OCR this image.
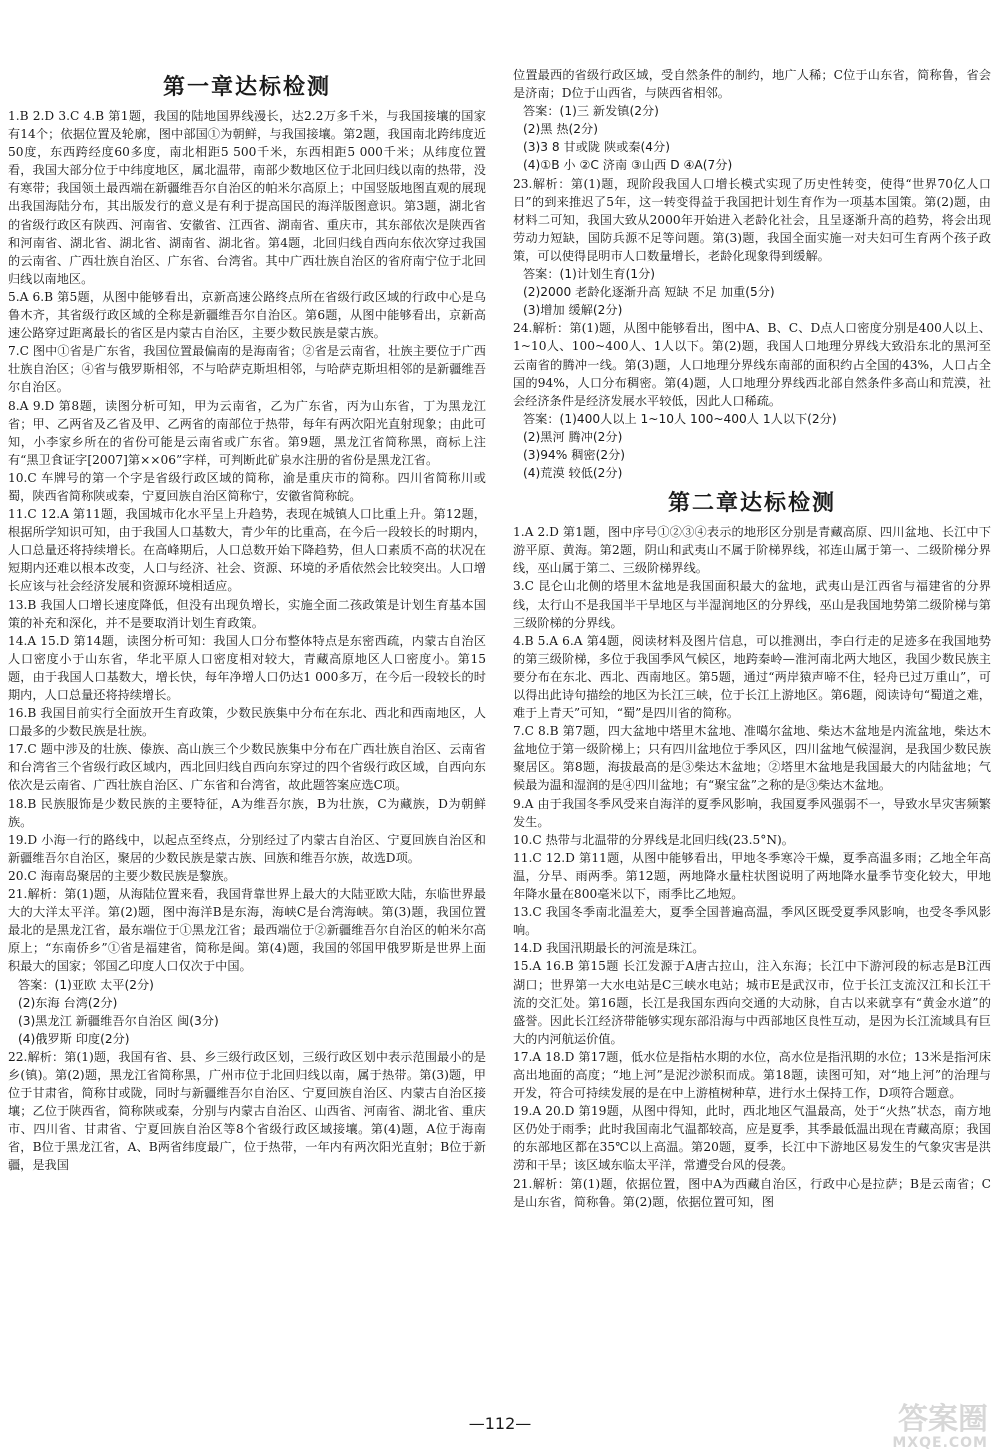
第一章达标检测

1.B 2.D 3.C 4.B 第1题，我国的陆地国界线漫长，达2.2万多千米，与我国接壤的国家有14个；依据位置及轮廓，图中部国①为朝鲜，与我国接壤。第2题，我国南北跨纬度近50度，东西跨经度60多度，南北相距5 500千米，东西相距5 000千米；从纬度位置看，我国大部分位于中纬度地区，属北温带，南部少数地区位于北回归线以南的热带，没有寒带；我国领土最西端在新疆维吾尔自治区的帕米尔高原上；中国竖版地图直观的展现出我国海陆分布，其出版发行的意义是有利于提高国民的海洋版图意识。第3题，湖北省的省级行政区有陕西、河南省、安徽省、江西省、湖南省、重庆市，其东部依次是陕西省和河南省、湖北省、湖北省、湖南省、湖北省。第4题，北回归线自西向东依次穿过我国的云南省、广西壮族自治区、广东省、台湾省。其中广西壮族自治区的省府南宁位于北回归线以南地区。

5.A 6.B 第5题，从图中能够看出，京新高速公路终点所在省级行政区域的行政中心是乌鲁木齐，其省级行政区域的全称是新疆维吾尔自治区。第6题，从图中能够看出，京新高速公路穿过距离最长的省区是内蒙古自治区，主要少数民族是蒙古族。

7.C 图中①省是广东省，我国位置最偏南的是海南省；②省是云南省，壮族主要位于广西壮族自治区；④省与俄罗斯相邻，不与哈萨克斯坦相邻，与哈萨克斯坦相邻的是新疆维吾尔自治区。

8.A 9.D 第8题，读图分析可知，甲为云南省，乙为广东省，丙为山东省，丁为黑龙江省；甲、乙两省及乙省及甲、乙两省的南部位于热带，每年有两次阳光直射现象；由此可知，小李家乡所在的省份可能是云南省或广东省。第9题，黑龙江省简称黑，商标上注有“黑卫食证字[2007]第××06”字样，可判断此矿泉水注册的省份是黑龙江省。

10.C 车牌号的第一个字是省级行政区域的简称，渝是重庆市的简称。四川省简称川或蜀，陕西省简称陕或秦，宁夏回族自治区简称宁，安徽省简称皖。

11.C 12.A 第11题，我国城市化水平呈上升趋势，表现在城镇人口比重上升。第12题，根据所学知识可知，由于我国人口基数大，青少年的比重高，在今后一段较长的时期内，人口总量还将持续增长。在高峰期后，人口总数开始下降趋势，但人口素质不高的状况在短期内还难以根本改变，人口与经济、社会、资源、环境的矛盾依然会比较突出。人口增长应该与社会经济发展和资源环境相适应。

13.B 我国人口增长速度降低，但没有出现负增长，实施全面二孩政策是计划生育基本国策的补充和深化，并不是要取消计划生育政策。

14.A 15.D 第14题，读图分析可知：我国人口分布整体特点是东密西疏，内蒙古自治区人口密度小于山东省，华北平原人口密度相对较大，青藏高原地区人口密度小。第15题，由于我国人口基数大，增长快，每年净增人口仍达1 000多万，在今后一段较长的时期内，人口总量还将持续增长。

16.B 我国目前实行全面放开生育政策，少数民族集中分布在东北、西北和西南地区，人口最多的少数民族是壮族。

17.C 题中涉及的壮族、傣族、高山族三个少数民族集中分布在广西壮族自治区、云南省和台湾省三个省级行政区域内，西北回归线自西向东穿过的四个省级行政区域，自西向东依次是云南省、广西壮族自治区、广东省和台湾省，故此题答案应选C项。

18.B 民族服饰是少数民族的主要特征，A为维吾尔族，B为壮族，C为藏族，D为朝鲜族。

19.D 小海一行的路线中，以起点至终点，分别经过了内蒙古自治区、宁夏回族自治区和新疆维吾尔自治区，聚居的少数民族是蒙古族、回族和维吾尔族，故选D项。

20.C 海南岛聚居的主要少数民族是黎族。

21.解析：第(1)题，从海陆位置来看，我国背靠世界上最大的大陆亚欧大陆，东临世界最大的大洋太平洋。第(2)题，图中海洋B是东海，海峡C是台湾海峡。第(3)题，我国位置最北的是黑龙江省，最东端位于①黑龙江省；最西端位于②新疆维吾尔自治区的帕米尔高原上；“东南侨乡”①省是福建省，简称是闽。第(4)题，我国的邻国甲俄罗斯是世界上面积最大的国家；邻国乙印度人口仅次于中国。

答案：(1)亚欧 太平(2分)

(2)东海 台湾(2分)

(3)黑龙江 新疆维吾尔自治区 闽(3分)

(4)俄罗斯 印度(2分)

22.解析：第(1)题，我国有省、县、乡三级行政区划，三级行政区划中表示范围最小的是乡(镇)。第(2)题，黑龙江省简称黑，广州市位于北回归线以南，属于热带。第(3)题，甲位于甘肃省，简称甘或陇，同时与新疆维吾尔自治区、宁夏回族自治区、内蒙古自治区接壤；乙位于陕西省，简称陕或秦，分别与内蒙古自治区、山西省、河南省、湖北省、重庆市、四川省、甘肃省、宁夏回族自治区等8个省级行政区域接壤。第(4)题，A位于海南省，B位于黑龙江省，A、B两省纬度最广，位于热带，一年内有两次阳光直射；B位于新疆，是我国

位置最西的省级行政区域，受自然条件的制约，地广人稀；C位于山东省，简称鲁，省会是济南；D位于山西省，与陕西省相邻。

答案：(1)三 新发镇(2分)

(2)黑 热(2分)

(3)3 8 甘或陇 陕或秦(4分)

(4)①B 小 ②C 济南 ③山西 D ④A(7分)

23.解析：第(1)题，现阶段我国人口增长模式实现了历史性转变，使得“世界70亿人口日”的到来推迟了5年，这一转变得益于我国把计划生育作为一项基本国策。第(2)题，由材料二可知，我国大致从2000年开始进入老龄化社会，且呈逐渐升高的趋势，将会出现劳动力短缺，国防兵源不足等问题。第(3)题，我国全面实施一对夫妇可生育两个孩子政策，可以使得昆明市人口数量增长，老龄化现象得到缓解。

答案：(1)计划生育(1分)

(2)2000 老龄化逐渐升高 短缺 不足 加重(5分)

(3)增加 缓解(2分)

24.解析：第(1)题，从图中能够看出，图中A、B、C、D点人口密度分别是400人以上、1~10人、100~400人、1人以下。第(2)题，我国人口地理分界线大致沿东北的黑河至云南省的腾冲一线。第(3)题，人口地理分界线东南部的面积约占全国的43%，人口占全国的94%，人口分布稠密。第(4)题，人口地理分界线西北部自然条件多高山和荒漠，社会经济条件是经济发展水平较低，因此人口稀疏。

答案：(1)400人以上 1~10人 100~400人 1人以下(2分)

(2)黑河 腾冲(2分)

(3)94% 稠密(2分)

(4)荒漠 较低(2分)

第二章达标检测

1.A 2.D 第1题，图中序号①②③④表示的地形区分别是青藏高原、四川盆地、长江中下游平原、黄海。第2题，阴山和武夷山不属于阶梯界线，祁连山属于第一、二级阶梯分界线，巫山属于第二、三级阶梯界线。

3.C 昆仑山北侧的塔里木盆地是我国面积最大的盆地，武夷山是江西省与福建省的分界线，太行山不是我国半干旱地区与半湿润地区的分界线，巫山是我国地势第二级阶梯与第三级阶梯的分界线。

4.B 5.A 6.A 第4题，阅读材料及图片信息，可以推测出，李白行走的足迹多在我国地势的第三级阶梯，多位于我国季风气候区，地跨秦岭—淮河南北两大地区，我国少数民族主要分布在东北、西北、西南地区。第5题，通过“两岸猿声啼不住，轻舟已过万重山”，可以得出此诗句描绘的地区为长江三峡，位于长江上游地区。第6题，阅读诗句“蜀道之难，难于上青天”可知，“蜀”是四川省的简称。

7.C 8.B 第7题，四大盆地中塔里木盆地、准噶尔盆地、柴达木盆地是内流盆地，柴达木盆地位于第一级阶梯上；只有四川盆地位于季风区，四川盆地气候湿润，是我国少数民族聚居区。第8题，海拔最高的是③柴达木盆地；②塔里木盆地是我国最大的内陆盆地；气候最为温和湿润的是④四川盆地；有“聚宝盆”之称的是③柴达木盆地。

9.A 由于我国冬季风受来自海洋的夏季风影响，我国夏季风强弱不一，导致水旱灾害频繁发生。

10.C 热带与北温带的分界线是北回归线(23.5°N)。

11.C 12.D 第11题，从图中能够看出，甲地冬季寒冷干燥，夏季高温多雨；乙地全年高温，分旱、雨两季。第12题，两地降水量柱状图说明了两地降水量季节变化较大，甲地年降水量在800毫米以下，雨季比乙地短。

13.C 我国冬季南北温差大，夏季全国普遍高温，季风区既受夏季风影响，也受冬季风影响。

14.D 我国汛期最长的河流是珠江。

15.A 16.B 第15题 长江发源于A唐古拉山，注入东海；长江中下游河段的标志是B江西湖口；世界第一大水电站是C三峡水电站；城市E是武汉市，位于长江支流汉江和长江干流的交汇处。第16题，长江是我国东西向交通的大动脉，自古以来就享有“黄金水道”的盛誉。因此长江经济带能够实现东部沿海与中西部地区良性互动，是因为长江流域具有巨大的内河航运价值。

17.A 18.D 第17题，低水位是指枯水期的水位，高水位是指汛期的水位；13米是指河床高出地面的高度；“地上河”是泥沙淤积而成。第18题，读图可知，对“地上河”的治理与开发，符合可持续发展的是在中上游植树种草，进行水土保持工作，D项符合题意。

19.A 20.D 第19题，从图中得知，此时，西北地区气温最高，处于“火热”状态，南方地区仍处于雨季；此时我国南北气温都较高，应是夏季，其季最低温出现在青藏高原；我国的东部地区都在35℃以上高温。第20题，夏季，长江中下游地区易发生的气象灾害是洪涝和干旱；该区域东临太平洋，常遭受台风的侵袭。

21.解析：第(1)题，依据位置，图中A为西藏自治区，行政中心是拉萨；B是云南省；C是山东省，简称鲁。第(2)题，依据位置可知，图

—112—	答案圈
MXQE.COM
